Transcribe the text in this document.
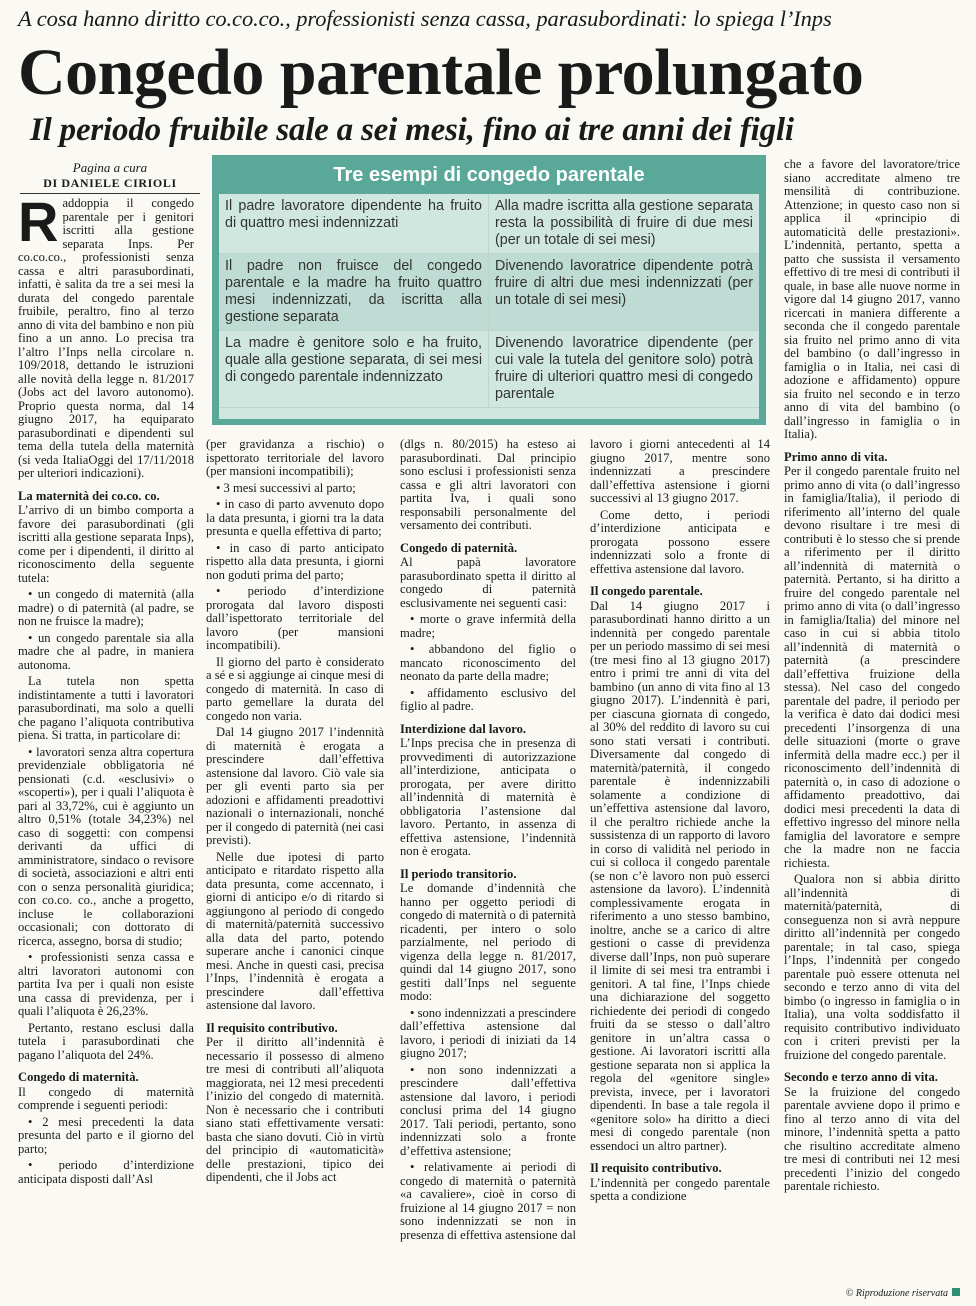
A cosa hanno diritto co.co.co., professionisti senza cassa, parasubordinati: lo spiega l’Inps
Congedo parentale prolungato
Il periodo fruibile sale a sei mesi, fino ai tre anni dei figli
Pagina a cura
DI DANIELE CIRIOLI	Tre esempi di congedo parentale
Il padre lavoratore dipendente ha fruito di quattro mesi indennizzati
Alla madre iscritta alla gestione separata resta la possibilità di fruire di due mesi (per un totale di sei mesi)
Il padre non fruisce del congedo parentale e la madre ha fruito quattro mesi indennizzati, da iscritta alla gestione separata
Divenendo lavoratrice dipendente potrà fruire di altri due mesi indennizzati (per un totale di sei mesi)
La madre è genitore solo e ha fruito, quale alla gestione separata, di sei mesi di congedo parentale indennizzato
Divenendo lavoratrice dipendente (per cui vale la tutela del genitore solo) potrà fruire di ulteriori quattro mesi di congedo parentale

Raddoppia il congedo parentale per i genitori iscritti alla gestione separata Inps. Per co.co.co., professionisti senza cassa e altri parasubordinati, infatti, è salita da tre a sei mesi la durata del congedo parentale fruibile, peraltro, fino al terzo anno di vita del bambino e non più fino a un anno. Lo precisa tra l’altro l’Inps nella circolare n. 109/2018, dettando le istruzioni alle novità della legge n. 81/2017 (Jobs act del lavoro autonomo). Proprio questa norma, dal 14 giugno 2017, ha equiparato parasubordinati e dipendenti sul tema della tutela della maternità (si veda ItaliaOggi del 17/11/2018 per ulteriori indicazioni).

La maternità dei co.co. co.

L’arrivo di un bimbo comporta a favore dei parasubordinati (gli iscritti alla gestione separata Inps), come per i dipendenti, il diritto al riconoscimento della seguente tutela:

• un congedo di maternità (alla madre) o di paternità (al padre, se non ne fruisce la madre);

• un congedo parentale sia alla madre che al padre, in maniera autonoma.

La tutela non spetta indistintamente a tutti i lavoratori parasubordinati, ma solo a quelli che pagano l’aliquota contributiva piena. Si tratta, in particolare di:

• lavoratori senza altra copertura previdenziale obbligatoria né pensionati (c.d. «esclusivi» o «scoperti»), per i quali l’aliquota è pari al 33,72%, cui è aggiunto un altro 0,51% (totale 34,23%) nel caso di soggetti: con compensi derivanti da uffici di amministratore, sindaco o revisore di società, associazioni e altri enti con o senza personalità giuridica; con co.co. co., anche a progetto, incluse le collaborazioni occasionali; con dottorato di ricerca, assegno, borsa di studio;

• professionisti senza cassa e altri lavoratori autonomi con partita Iva per i quali non esiste una cassa di previdenza, per i quali l’aliquota è 26,23%.

Pertanto, restano esclusi dalla tutela i parasubordinati che pagano l’aliquota del 24%.

Congedo di maternità.

Il congedo di maternità comprende i seguenti periodi:

• 2 mesi precedenti la data presunta del parto e il giorno del parto;

• periodo d’interdizione anticipata disposti dall’Asl

(per gravidanza a rischio) o ispettorato territoriale del lavoro (per mansioni incompatibili);

• 3 mesi successivi al parto;

• in caso di parto avvenuto dopo la data presunta, i giorni tra la data presunta e quella effettiva di parto;

• in caso di parto anticipato rispetto alla data presunta, i giorni non goduti prima del parto;

• periodo d’interdizione prorogata dal lavoro disposti dall’ispettorato territoriale del lavoro (per mansioni incompatibili).

Il giorno del parto è considerato a sé e si aggiunge ai cinque mesi di congedo di maternità. In caso di parto gemellare la durata del congedo non varia.

Dal 14 giugno 2017 l’indennità di maternità è erogata a prescindere dall’effettiva astensione dal lavoro. Ciò vale sia per gli eventi parto sia per adozioni e affidamenti preadottivi nazionali o internazionali, nonché per il congedo di paternità (nei casi previsti).

Nelle due ipotesi di parto anticipato e ritardato rispetto alla data presunta, come accennato, i giorni di anticipo e/o di ritardo si aggiungono al periodo di congedo di maternità/paternità successivo alla data del parto, potendo superare anche i canonici cinque mesi. Anche in questi casi, precisa l’Inps, l’indennità è erogata a prescindere dall’effettiva astensione dal lavoro.

Il requisito contributivo.

Per il diritto all’indennità è necessario il possesso di almeno tre mesi di contributi all’aliquota maggiorata, nei 12 mesi precedenti l’inizio del congedo di maternità. Non è necessario che i contributi siano stati effettivamente versati: basta che siano dovuti. Ciò in virtù del principio di «automaticità» delle prestazioni, tipico dei dipendenti, che il Jobs act

(dlgs n. 80/2015) ha esteso ai parasubordinati. Dal principio sono esclusi i professionisti senza cassa e gli altri lavoratori con partita Iva, i quali sono responsabili personalmente del versamento dei contributi.

Congedo di paternità.

Al papà lavoratore parasubordinato spetta il diritto al congedo di paternità esclusivamente nei seguenti casi:

• morte o grave infermità della madre;

• abbandono del figlio o mancato riconoscimento del neonato da parte della madre;

• affidamento esclusivo del figlio al padre.

Interdizione dal lavoro.

L’Inps precisa che in presenza di provvedimenti di autorizzazione all’interdizione, anticipata o prorogata, per avere diritto all’indennità di maternità è obbligatoria l’astensione dal lavoro. Pertanto, in assenza di effettiva astensione, l’indennità non è erogata.

Il periodo transitorio.

Le domande d’indennità che hanno per oggetto periodi di congedo di maternità o di paternità ricadenti, per intero o solo parzialmente, nel periodo di vigenza della legge n. 81/2017, quindi dal 14 giugno 2017, sono gestiti dall’Inps nel seguente modo:

• sono indennizzati a prescindere dall’effettiva astensione dal lavoro, i periodi di iniziati da 14 giugno 2017;

• non sono indennizzati a prescindere dall’effettiva astensione dal lavoro, i periodi conclusi prima del 14 giugno 2017. Tali periodi, pertanto, sono indennizzati solo a fronte d’effettiva astensione;

• relativamente ai periodi di congedo di maternità o paternità «a cavaliere», cioè in corso di fruizione al 14 giugno 2017 = non sono indennizzati se non in presenza di effettiva astensione dal

lavoro i giorni antecedenti al 14 giugno 2017, mentre sono indennizzati a prescindere dall’effettiva astensione i giorni successivi al 13 giugno 2017.

Come detto, i periodi d’interdizione anticipata e prorogata possono essere indennizzati solo a fronte di effettiva astensione dal lavoro.

Il congedo parentale.

Dal 14 giugno 2017 i parasubordinati hanno diritto a un indennità per congedo parentale per un periodo massimo di sei mesi (tre mesi fino al 13 giugno 2017) entro i primi tre anni di vita del bambino (un anno di vita fino al 13 giugno 2017). L’indennità è pari, per ciascuna giornata di congedo, al 30% del reddito di lavoro su cui sono stati versati i contributi. Diversamente dal congedo di maternità/paternità, il congedo parentale è indennizzabili solamente a condizione di un’effettiva astensione dal lavoro, il che peraltro richiede anche la sussistenza di un rapporto di lavoro in corso di validità nel periodo in cui si colloca il congedo parentale (se non c’è lavoro non può esserci astensione da lavoro). L’indennità complessivamente erogata in riferimento a uno stesso bambino, inoltre, anche se a carico di altre gestioni o casse di previdenza diverse dall’Inps, non può superare il limite di sei mesi tra entrambi i genitori. A tal fine, l’Inps chiede una dichiarazione del soggetto richiedente dei periodi di congedo fruiti da se stesso o dall’altro genitore in un’altra cassa o gestione. Ai lavoratori iscritti alla gestione separata non si applica la regola del «genitore single» prevista, invece, per i lavoratori dipendenti. In base a tale regola il «genitore solo» ha diritto a dieci mesi di congedo parentale (non essendoci un altro partner).

Il requisito contributivo.

L’indennità per congedo parentale spetta a condizione

che a favore del lavoratore/trice siano accreditate almeno tre mensilità di contribuzione. Attenzione; in questo caso non si applica il «principio di automaticità delle prestazioni». L’indennità, pertanto, spetta a patto che sussista il versamento effettivo di tre mesi di contributi il quale, in base alle nuove norme in vigore dal 14 giugno 2017, vanno ricercati in maniera differente a seconda che il congedo parentale sia fruito nel primo anno di vita del bambino (o dall’ingresso in famiglia o in Italia, nei casi di adozione e affidamento) oppure sia fruito nel secondo e in terzo anno di vita del bambino (o dall’ingresso in famiglia o in Italia).

Primo anno di vita.

Per il congedo parentale fruito nel primo anno di vita (o dall’ingresso in famiglia/Italia), il periodo di riferimento all’interno del quale devono risultare i tre mesi di contributi è lo stesso che si prende a riferimento per il diritto all’indennità di maternità o paternità. Pertanto, si ha diritto a fruire del congedo parentale nel primo anno di vita (o dall’ingresso in famiglia/Italia) del minore nel caso in cui si abbia titolo all’indennità di maternità o paternità (a prescindere dall’effettiva fruizione della stessa). Nel caso del congedo parentale del padre, il periodo per la verifica è dato dai dodici mesi precedenti l’insorgenza di una delle situazioni (morte o grave infermità della madre ecc.) per il riconoscimento dell’indennità di paternità o, in caso di adozione o affidamento preadottivo, dai dodici mesi precedenti la data di effettivo ingresso del minore nella famiglia del lavoratore e sempre che la madre non ne faccia richiesta.

Qualora non si abbia diritto all’indennità di maternità/paternità, di conseguenza non si avrà neppure diritto all’indennità per congedo parentale; in tal caso, spiega l’Inps, l’indennità per congedo parentale può essere ottenuta nel secondo e terzo anno di vita del bimbo (o ingresso in famiglia o in Italia), una volta soddisfatto il requisito contributivo individuato con i criteri previsti per la fruizione del congedo parentale.

Secondo e terzo anno di vita.

Se la fruizione del congedo parentale avviene dopo il primo e fino al terzo anno di vita del minore, l’indennità spetta a patto che risultino accreditate almeno tre mesi di contributi nei 12 mesi precedenti l’inizio del congedo parentale richiesto.

© Riproduzione riservata
